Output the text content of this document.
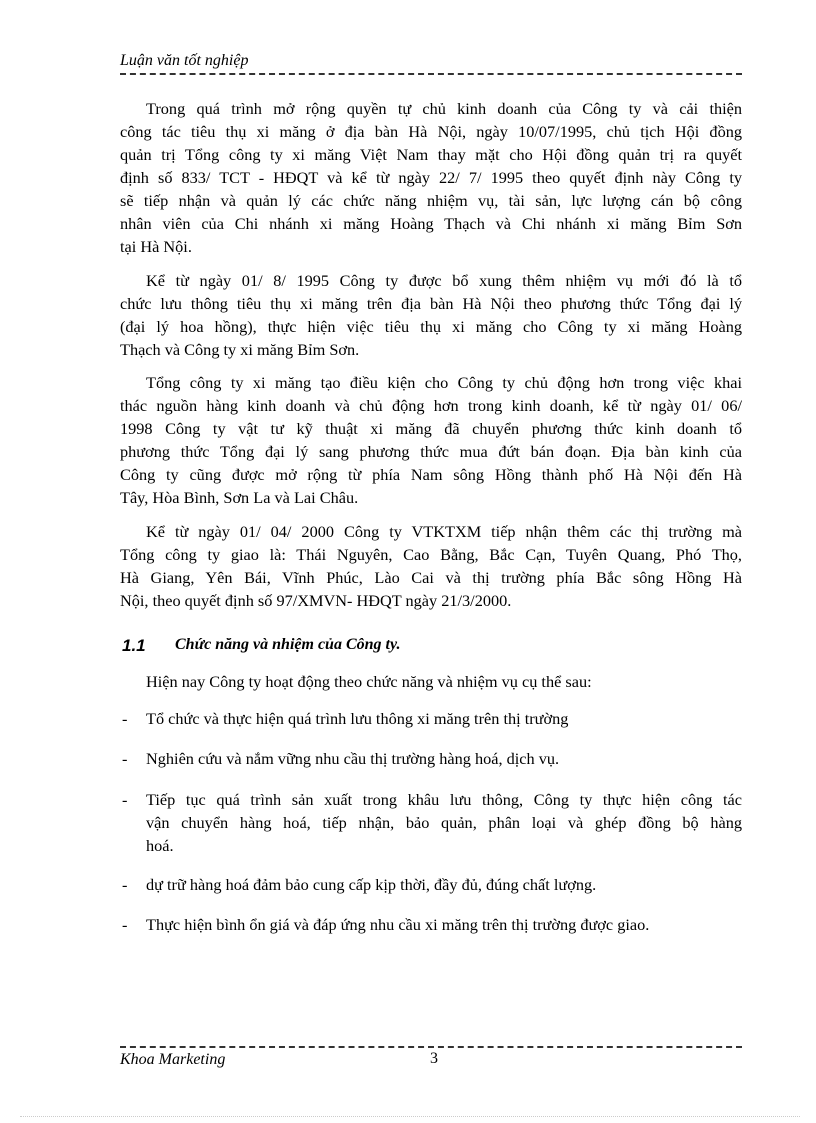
Luận văn tốt nghiệp
Trong quá trình mở rộng quyền tự chủ kinh doanh của Công ty và cải thiện
công tác tiêu thụ xi măng ở địa bàn Hà Nội, ngày 10/07/1995, chủ tịch Hội đồng
quản trị Tổng công ty xi măng Việt Nam thay mặt cho Hội đồng quản trị ra quyết
định số 833/ TCT - HĐQT và kể từ ngày 22/ 7/ 1995 theo quyết định này Công ty
sẽ tiếp nhận và quản lý các chức năng nhiệm vụ, tài sản, lực lượng cán bộ công
nhân viên của Chi nhánh xi măng Hoàng Thạch và Chi nhánh xi măng Bỉm Sơn
tại Hà Nội.
Kể từ ngày 01/ 8/ 1995 Công ty được bổ xung thêm nhiệm vụ mới đó là tổ
chức lưu thông tiêu thụ xi măng trên địa bàn Hà Nội theo phương thức Tổng đại lý
(đại lý hoa hồng), thực hiện việc tiêu thụ xi măng cho Công ty xi măng Hoàng
Thạch và Công ty xi măng Bỉm Sơn.
Tổng công ty xi măng tạo điều kiện cho Công ty chủ động hơn trong việc khai
thác nguồn hàng kinh doanh và chủ động hơn trong kinh doanh, kể từ ngày 01/ 06/
1998 Công ty vật tư kỹ thuật xi măng đã chuyển phương thức kinh doanh tổ
phương thức Tổng đại lý sang phương thức mua đứt bán đoạn. Địa bàn kinh của
Công ty cũng được mở rộng từ phía Nam sông Hồng thành phố Hà Nội đến Hà
Tây, Hòa Bình, Sơn La và Lai Châu.
Kể từ ngày 01/ 04/ 2000 Công ty VTKTXM tiếp nhận thêm các thị trường mà
Tổng công ty giao là: Thái Nguyên, Cao Bằng, Bắc Cạn, Tuyên Quang, Phó Thọ,
Hà Giang, Yên Bái, Vĩnh Phúc, Lào Cai và thị trường phía Bắc sông Hồng Hà
Nội, theo quyết định số 97/XMVN- HĐQT ngày 21/3/2000.
1.1 Chức năng và nhiệm của Công ty.
Hiện nay Công ty hoạt động theo chức năng và nhiệm vụ cụ thể sau:
- Tổ chức và thực hiện quá trình lưu thông xi măng trên thị trường
- Nghiên cứu và nắm vững nhu cầu thị trường hàng hoá, dịch vụ.
- Tiếp tục quá trình sản xuất trong khâu lưu thông, Công ty thực hiện công tác
vận chuyển hàng hoá, tiếp nhận, bảo quản, phân loại và ghép đồng bộ hàng
hoá.
- dự trữ hàng hoá đảm bảo cung cấp kịp thời, đầy đủ, đúng chất lượng.
- Thực hiện bình ổn giá và đáp ứng nhu cầu xi măng trên thị trường được giao.
Khoa Marketing	3
